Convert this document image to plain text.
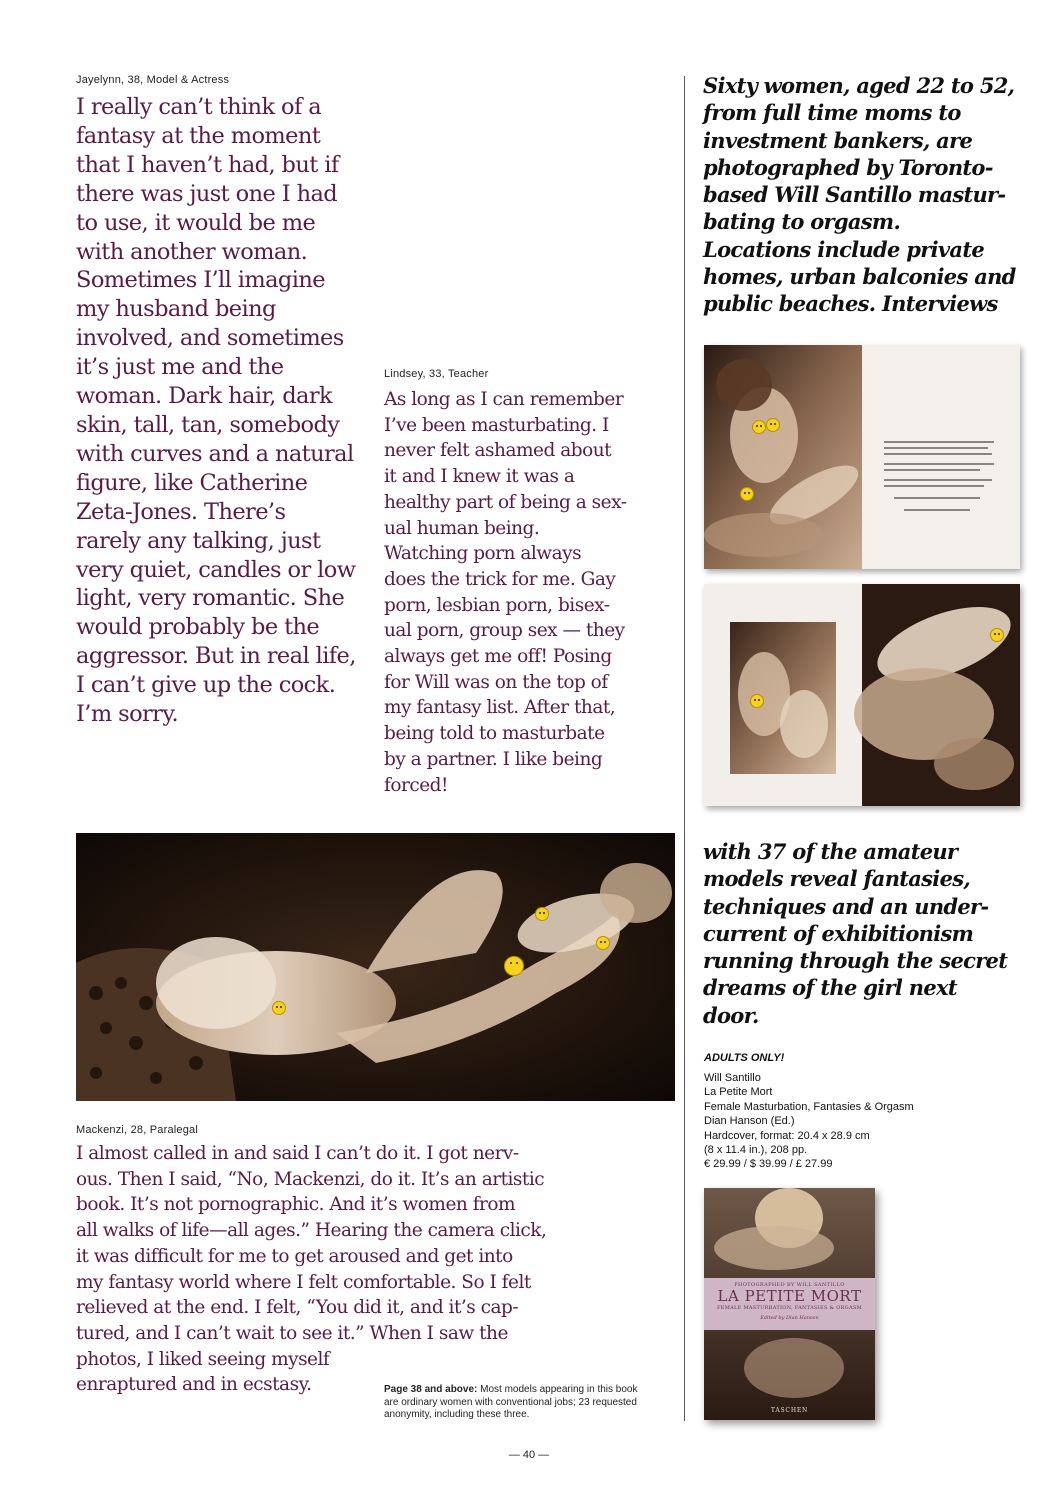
Jayelynn, 38, Model & Actress

I really can’t think of a
fantasy at the moment
that I haven’t had, but if
there was just one I had
to use, it would be me
with another woman.
Sometimes I’ll imagine
my husband being
involved, and sometimes
it’s just me and the
woman. Dark hair, dark
skin, tall, tan, somebody
with curves and a natural
figure, like Catherine
Zeta-Jones. There’s
rarely any talking, just
very quiet, candles or low
light, very romantic. She
would probably be the
aggressor. But in real life,
I can’t give up the cock.
I’m sorry.

Lindsey, 33, Teacher

As long as I can remember
I’ve been masturbating. I
never felt ashamed about
it and I knew it was a
healthy part of being a sex-
ual human being.
Watching porn always
does the trick for me. Gay
porn, lesbian porn, bisex-
ual porn, group sex — they
always get me off! Posing
for Will was on the top of
my fantasy list. After that,
being told to masturbate
by a partner. I like being
forced!

Sixty women, aged 22 to 52,
from full time moms to
investment bankers, are
photographed by Toronto-
based Will Santillo mastur-
bating to orgasm.
Locations include private
homes, urban balconies and
public beaches. Interviews

with 37 of the amateur
models reveal fantasies,
techniques and an under-
current of exhibitionism
running through the secret
dreams of the girl next
door.

ADULTS ONLY!
Will Santillo
La Petite Mort
Female Masturbation, Fantasies & Orgasm
Dian Hanson (Ed.)
Hardcover, format: 20.4 x 28.9 cm
(8 x 11.4 in.), 208 pp.
€ 29.99 / $ 39.99 / £ 27.99
Mackenzi, 28, Paralegal

I almost called in and said I can’t do it. I got nerv-
ous. Then I said, “No, Mackenzi, do it. It’s an artistic
book. It’s not pornographic. And it’s women from
all walks of life—all ages.” Hearing the camera click,
it was difficult for me to get aroused and get into
my fantasy world where I felt comfortable. So I felt
relieved at the end. I felt, “You did it, and it’s cap-
tured, and I can’t wait to see it.” When I saw the
photos, I liked seeing myself
enraptured and in ecstasy.	Page 38 and above: Most models appearing in this book are ordinary women with conventional jobs; 23 requested anonymity, including these three.
PHOTOGRAPHED BY WILL SANTILLO
LA PETITE MORT
FEMALE MASTURBATION, FANTASIES & ORGASM
Edited by Dian Hanson
TASCHEN
— 40 —
